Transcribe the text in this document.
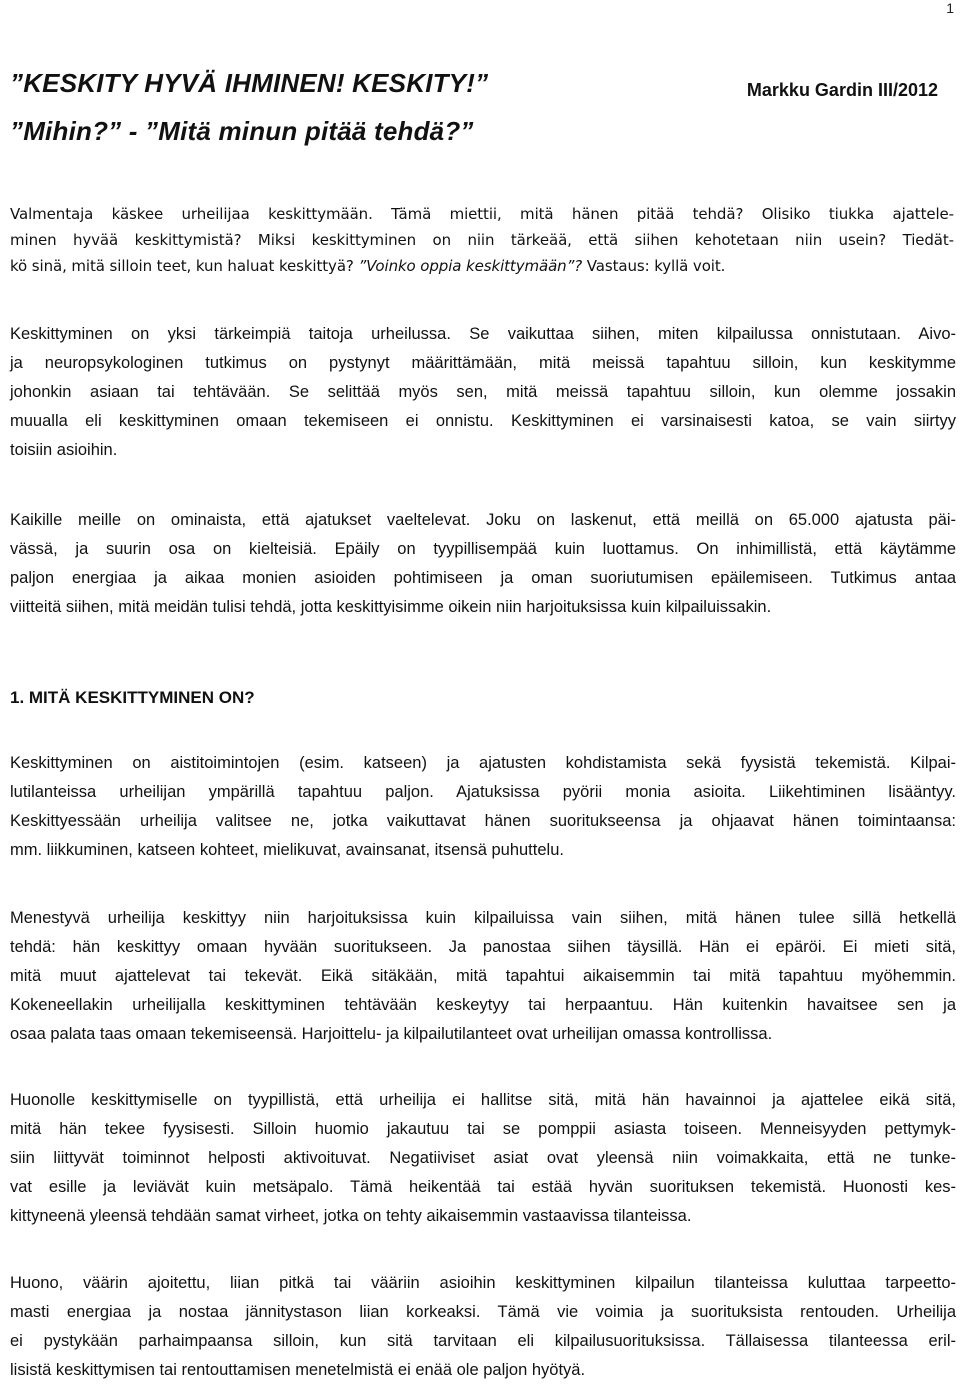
1
”KESKITY HYVÄ IHMINEN! KESKITY!”
”Mihin?” - ”Mitä minun pitää tehdä?”
Markku Gardin III/2012
Valmentaja käskee urheilijaa keskittymään. Tämä miettii, mitä hänen pitää tehdä? Olisiko tiukka ajattele-
minen hyvää keskittymistä? Miksi keskittyminen on niin tärkeää, että siihen kehotetaan niin usein? Tiedät-
kö sinä, mitä silloin teet, kun haluat keskittyä? ”Voinko oppia keskittymään”? Vastaus: kyllä voit.
Keskittyminen on yksi tärkeimpiä taitoja urheilussa. Se vaikuttaa siihen, miten kilpailussa onnistutaan. Aivo-
ja neuropsykologinen tutkimus on pystynyt määrittämään, mitä meissä tapahtuu silloin, kun keskitymme
johonkin asiaan tai tehtävään. Se selittää myös sen, mitä meissä tapahtuu silloin, kun olemme jossakin
muualla eli keskittyminen omaan tekemiseen ei onnistu. Keskittyminen ei varsinaisesti katoa, se vain siirtyy
toisiin asioihin.
Kaikille meille on ominaista, että ajatukset vaeltelevat. Joku on laskenut, että meillä on 65.000 ajatusta päi-
vässä, ja suurin osa on kielteisiä. Epäily on tyypillisempää kuin luottamus. On inhimillistä, että käytämme
paljon energiaa ja aikaa monien asioiden pohtimiseen ja oman suoriutumisen epäilemiseen. Tutkimus antaa
viitteitä siihen, mitä meidän tulisi tehdä, jotta keskittyisimme oikein niin harjoituksissa kuin kilpailuissakin.
1. MITÄ KESKITTYMINEN ON?
Keskittyminen on aistitoimintojen (esim. katseen) ja ajatusten kohdistamista sekä fyysistä tekemistä. Kilpai-
lutilanteissa urheilijan ympärillä tapahtuu paljon. Ajatuksissa pyörii monia asioita. Liikehtiminen lisääntyy.
Keskittyessään urheilija valitsee ne, jotka vaikuttavat hänen suoritukseensa ja ohjaavat hänen toimintaansa:
mm. liikkuminen, katseen kohteet, mielikuvat, avainsanat, itsensä puhuttelu.
Menestyvä urheilija keskittyy niin harjoituksissa kuin kilpailuissa vain siihen, mitä hänen tulee sillä hetkellä
tehdä: hän keskittyy omaan hyvään suoritukseen. Ja panostaa siihen täysillä. Hän ei epäröi. Ei mieti sitä,
mitä muut ajattelevat tai tekevät. Eikä sitäkään, mitä tapahtui aikaisemmin tai mitä tapahtuu myöhemmin.
Kokeneellakin urheilijalla keskittyminen tehtävään keskeytyy tai herpaantuu. Hän kuitenkin havaitsee sen ja
osaa palata taas omaan tekemiseensä. Harjoittelu- ja kilpailutilanteet ovat urheilijan omassa kontrollissa.
Huonolle keskittymiselle on tyypillistä, että urheilija ei hallitse sitä, mitä hän havainnoi ja ajattelee eikä sitä,
mitä hän tekee fyysisesti. Silloin huomio jakautuu tai se pomppii asiasta toiseen. Menneisyyden pettymyk-
siin liittyvät toiminnot helposti aktivoituvat. Negatiiviset asiat ovat yleensä niin voimakkaita, että ne tunke-
vat esille ja leviävät kuin metsäpalo. Tämä heikentää tai estää hyvän suorituksen tekemistä. Huonosti kes-
kittyneenä yleensä tehdään samat virheet, jotka on tehty aikaisemmin vastaavissa tilanteissa.
Huono, väärin ajoitettu, liian pitkä tai vääriin asioihin keskittyminen kilpailun tilanteissa kuluttaa tarpeetto-
masti energiaa ja nostaa jännitystason liian korkeaksi. Tämä vie voimia ja suorituksista rentouden. Urheilija
ei pystykään parhaimpaansa silloin, kun sitä tarvitaan eli kilpailusuorituksissa. Tällaisessa tilanteessa eril-
lisistä keskittymisen tai rentouttamisen menetelmistä ei enää ole paljon hyötyä.
